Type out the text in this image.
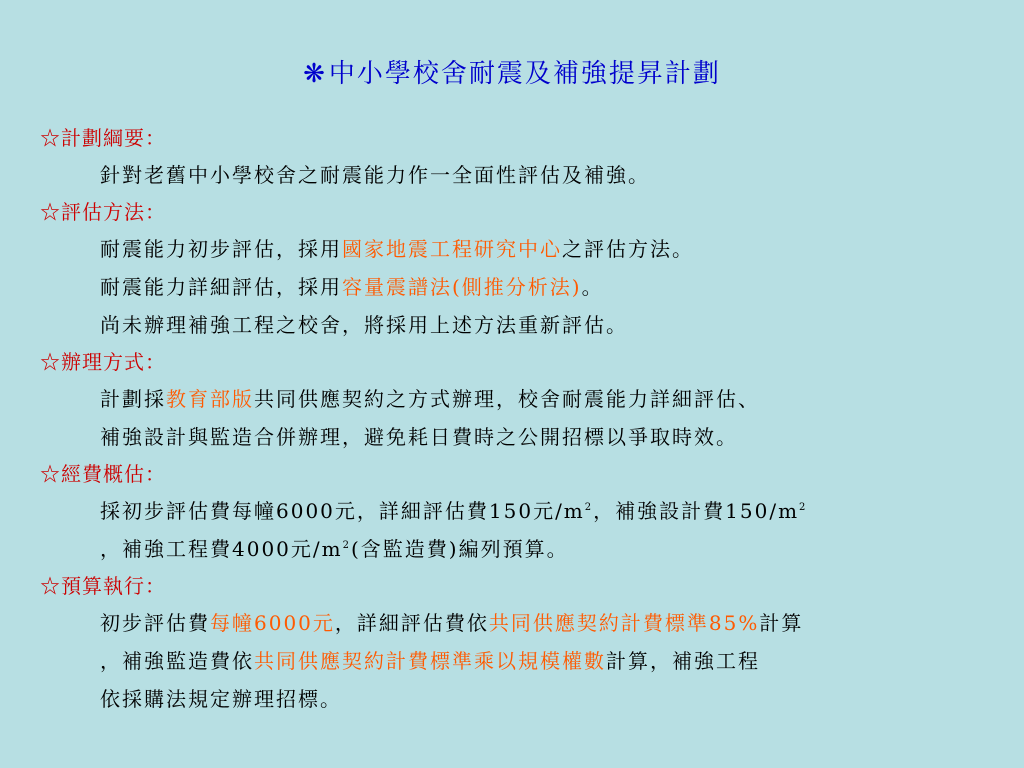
❋中小學校舍耐震及補強提昇計劃
☆計劃綱要：
針對老舊中小學校舍之耐震能力作一全面性評估及補強。
☆評估方法：
耐震能力初步評估，採用國家地震工程研究中心之評估方法。
耐震能力詳細評估，採用容量震譜法(側推分析法)。
尚未辦理補強工程之校舍，將採用上述方法重新評估。
☆辦理方式：
計劃採教育部版共同供應契約之方式辦理，校舍耐震能力詳細評估、
補強設計與監造合併辦理，避免耗日費時之公開招標以爭取時效。
☆經費概估：
採初步評估費每幢6000元，詳細評估費150元$/m^2$，補強設計費$150/m^2$
，補強工程費4000元$/m^2$(含監造費)編列預算。
☆預算執行：
初步評估費每幢6000元，詳細評估費依共同供應契約計費標準85%計算
，補強監造費依共同供應契約計費標準乘以規模權數計算，補強工程
依採購法規定辦理招標。
